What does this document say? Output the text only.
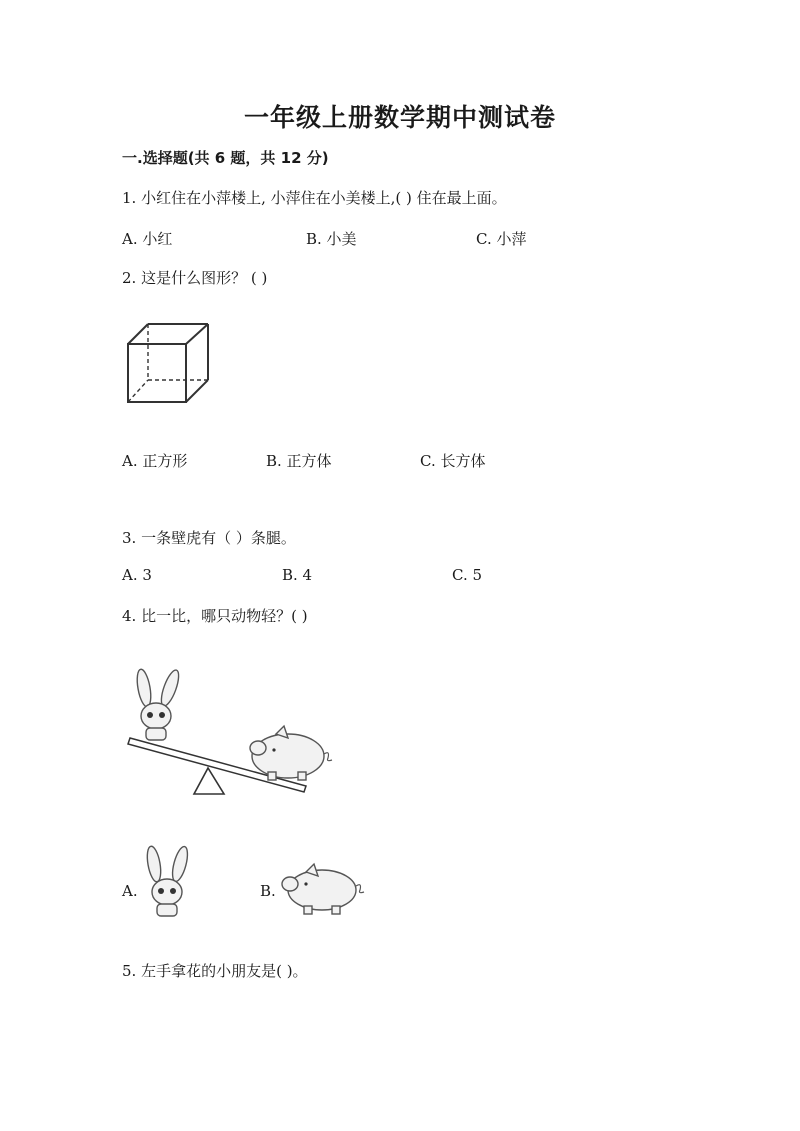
一年级上册数学期中测试卷
一.选择题(共 6 题，共 12 分)
1. 小红住在小萍楼上, 小萍住在小美楼上,( ) 住在最上面。
A. 小红	B. 小美	C. 小萍
2. 这是什么图形？ ( )
A. 正方形	B. 正方体	C. 长方体
3. 一条壁虎有（ ）条腿。
A. 3	B. 4	C. 5
4. 比一比，哪只动物轻？( )
A.	B.
5. 左手拿花的小朋友是( )。
